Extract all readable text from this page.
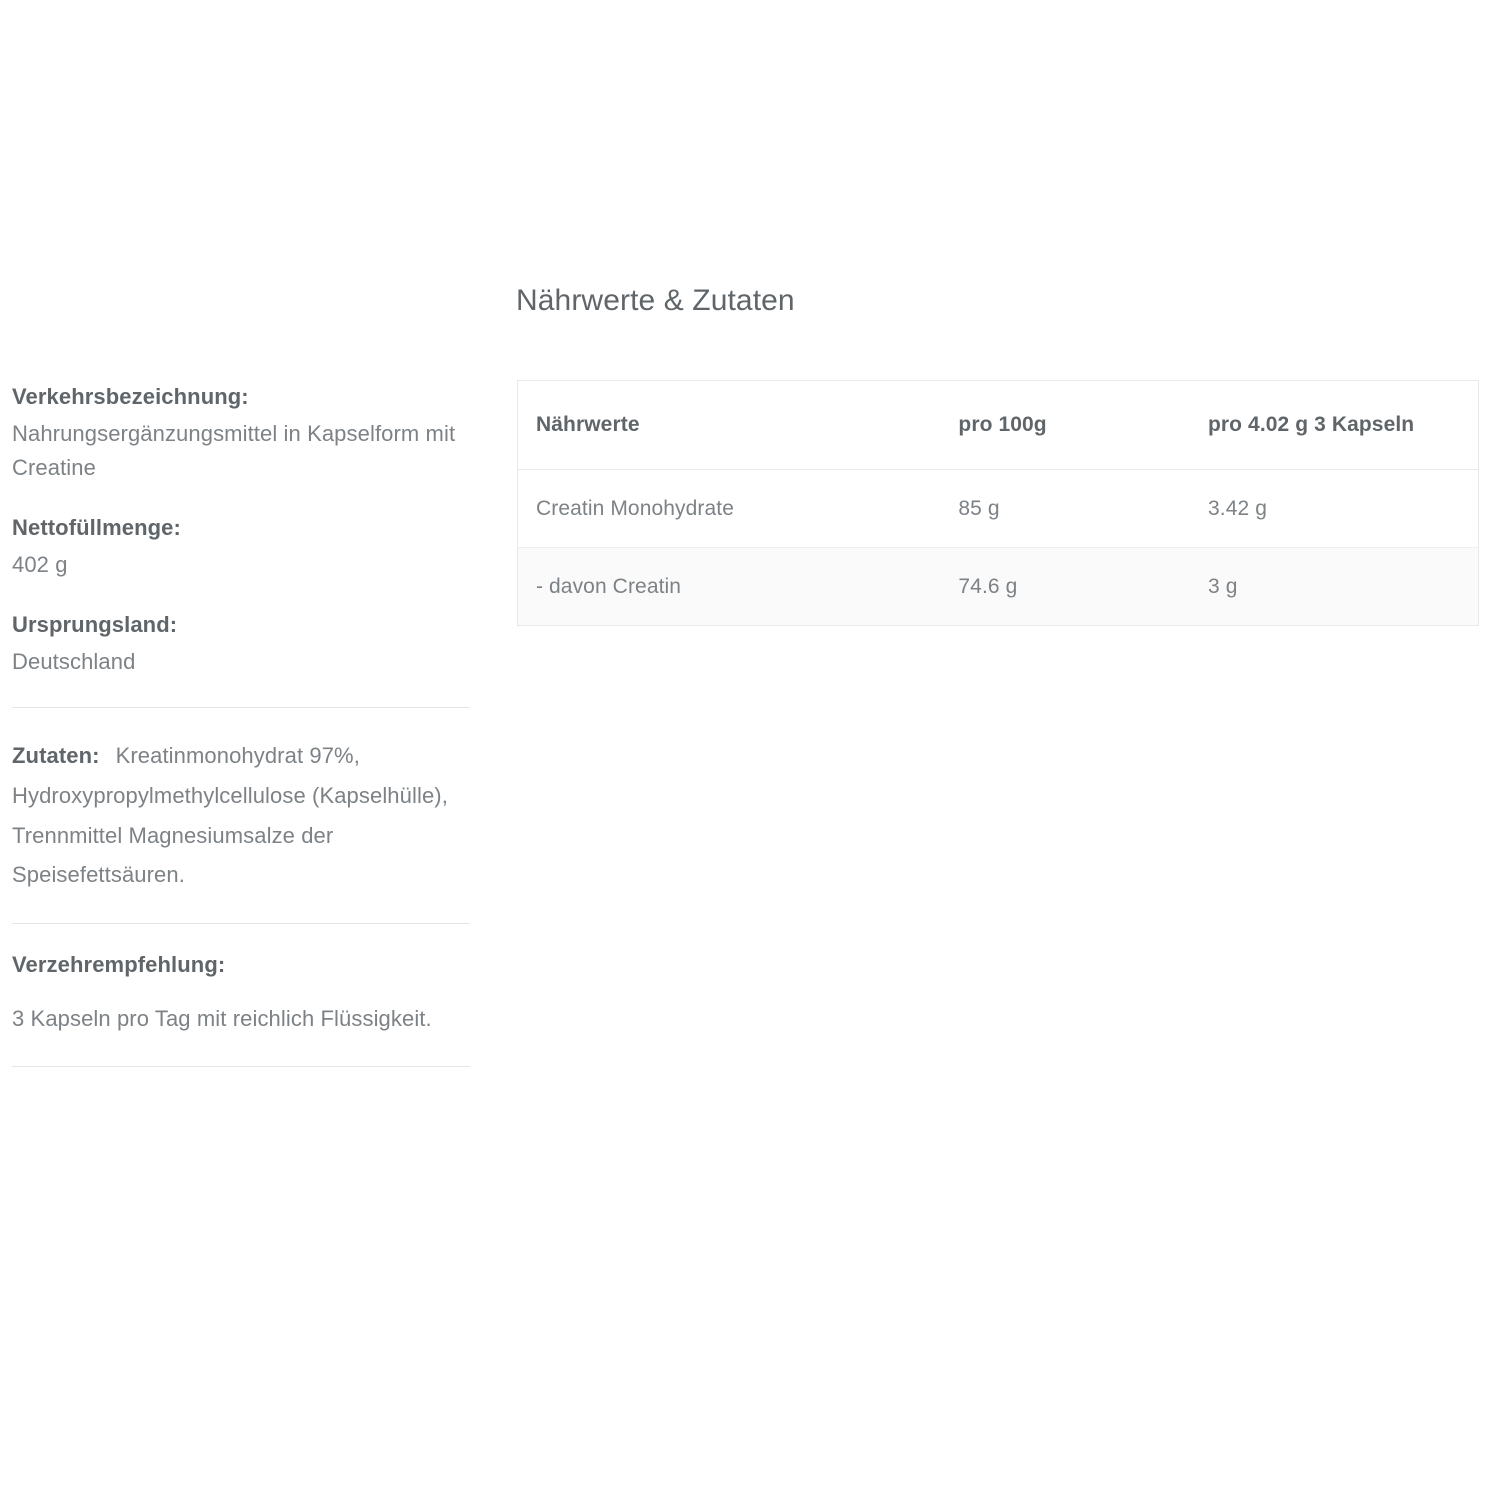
Nährwerte & Zutaten
Verkehrsbezeichnung:
Nahrungsergänzungsmittel in Kapselform mit Creatine
Nettofüllmenge:
402 g
Ursprungsland:
Deutschland
Zutaten: Kreatinmonohydrat 97%, Hydroxypropylmethylcellulose (Kapselhülle), Trennmittel Magnesiumsalze der Speisefettsäuren.
Verzehrempfehlung:
3 Kapseln pro Tag mit reichlich Flüssigkeit.
Nährwerte	pro 100g	pro 4.02 g 3 Kapseln
Creatin Monohydrate	85 g	3.42 g
- davon Creatin	74.6 g	3 g
